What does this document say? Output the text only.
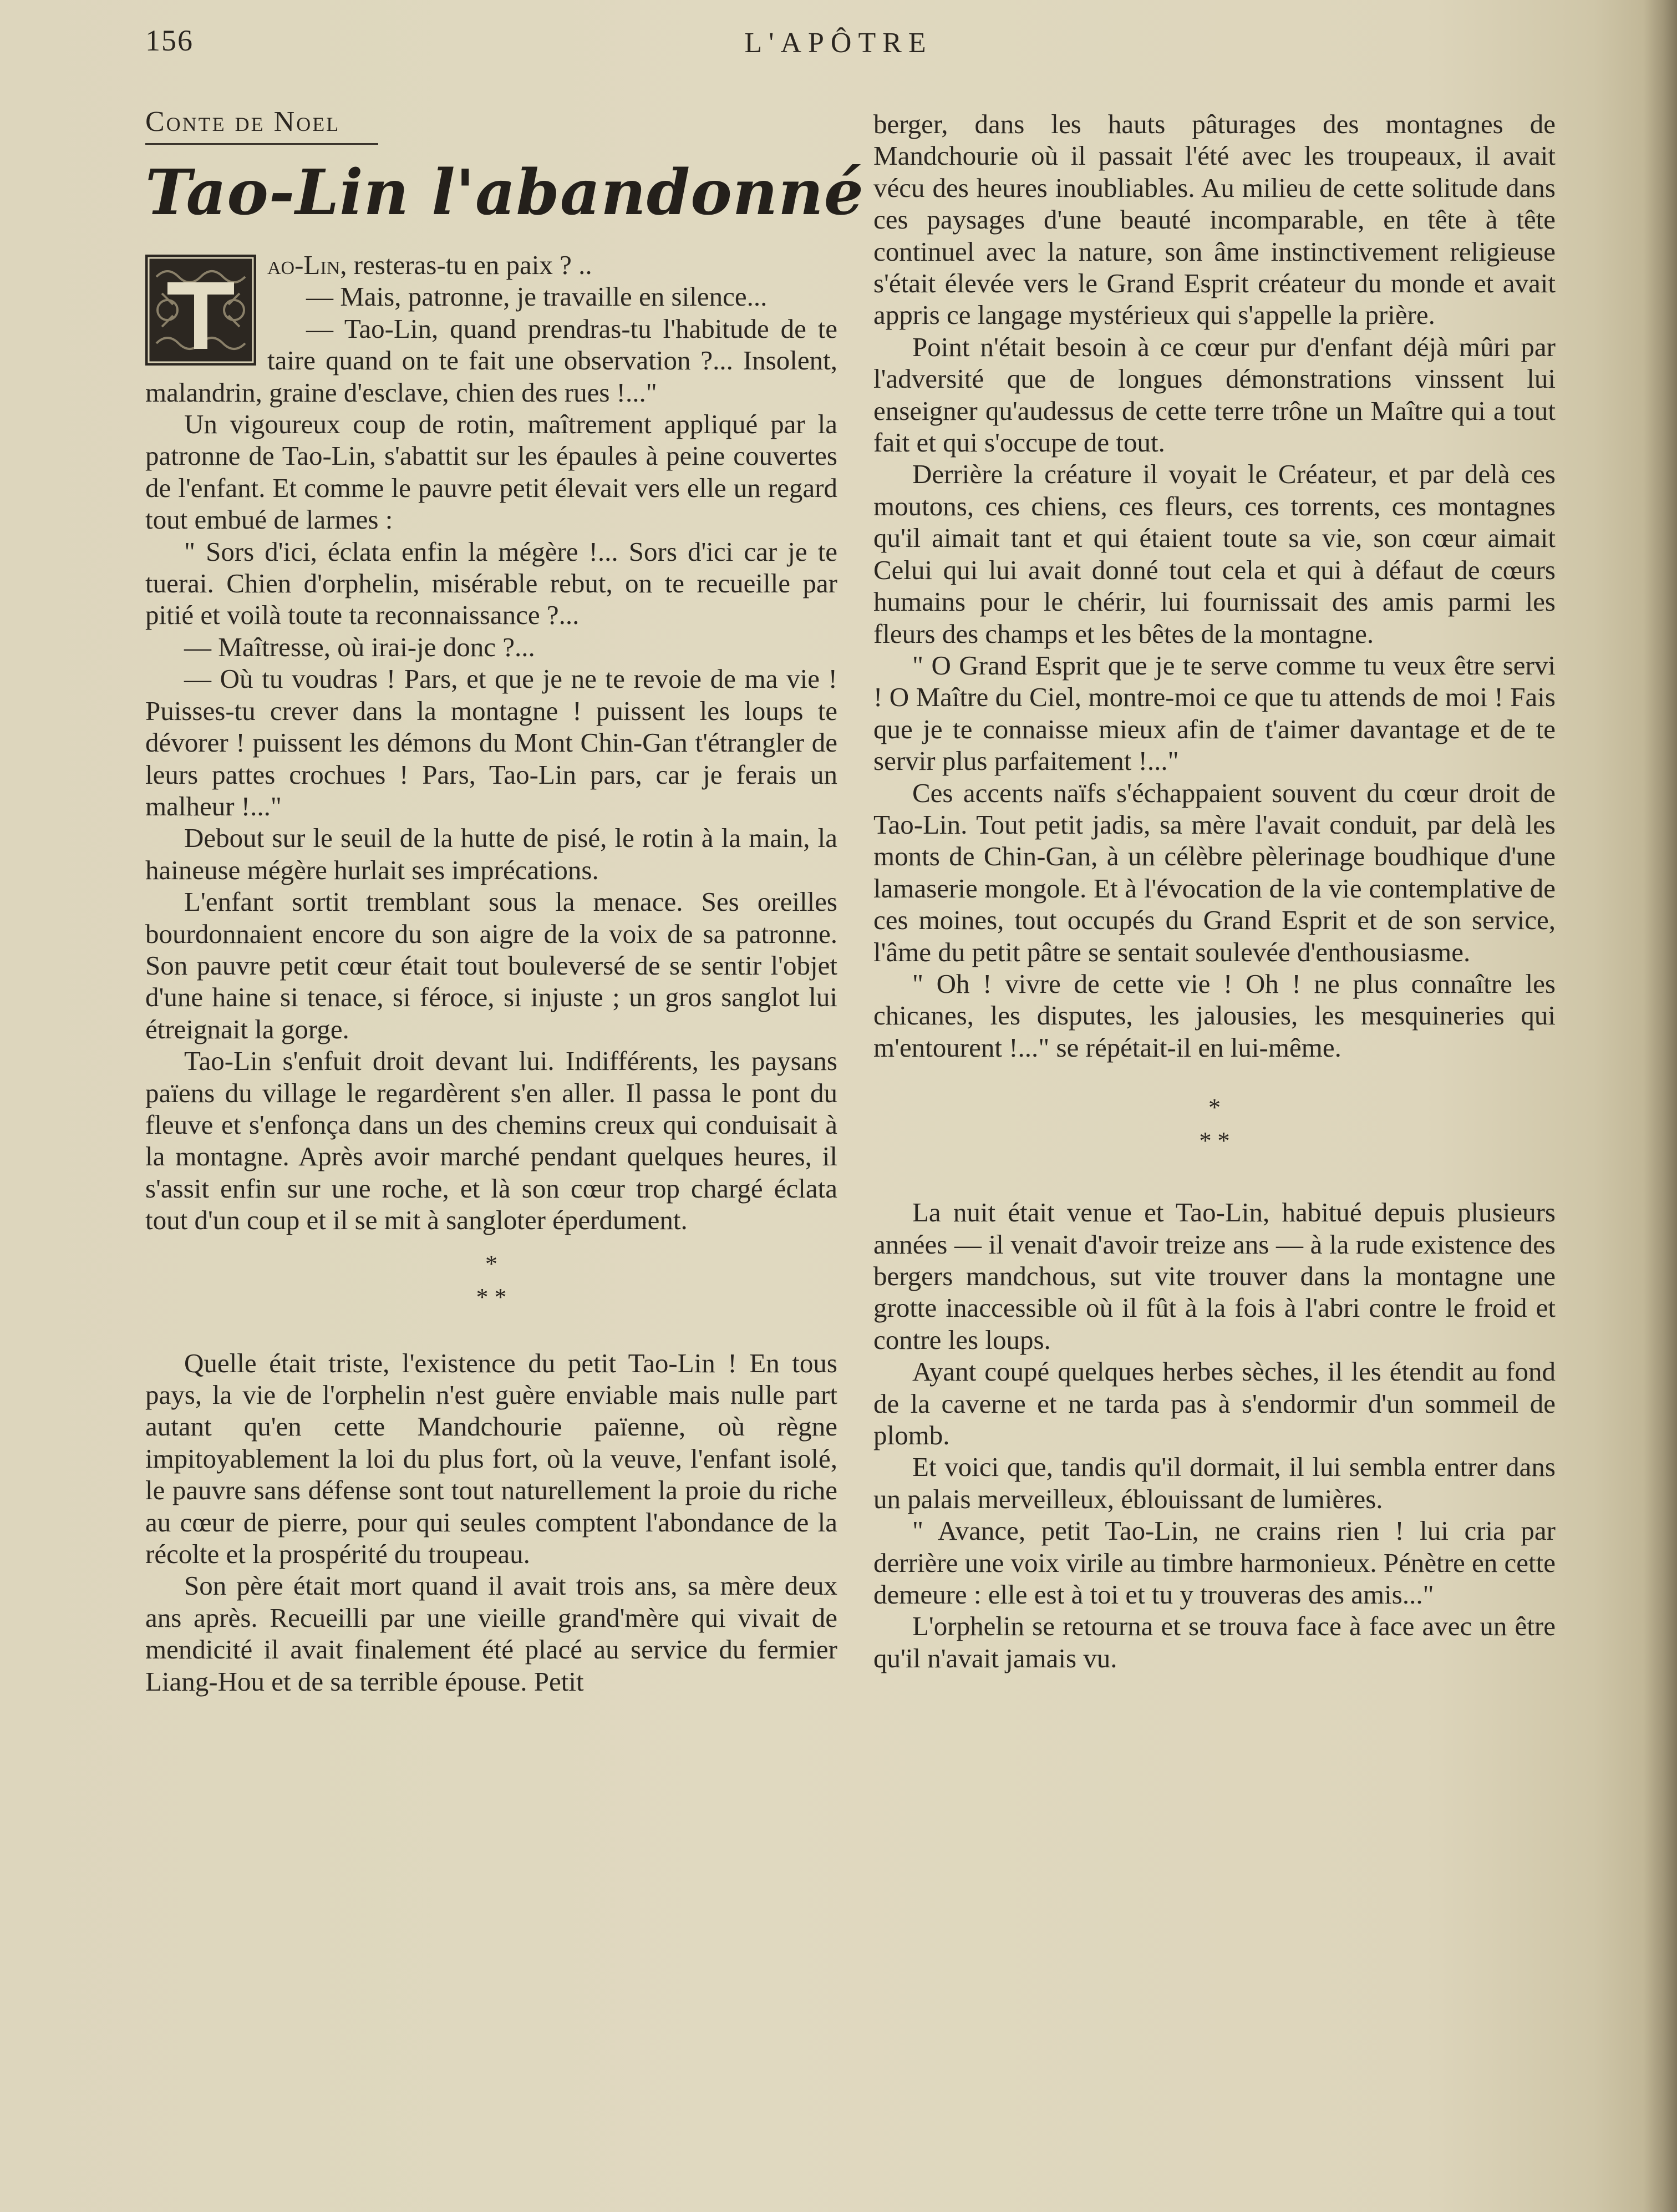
156	L'APÔTRE
Conte de Noel
Tao-Lin l'abandonné

ao-Lin, resteras-tu en paix ? ..

— Mais, patronne, je travaille en silence...

— Tao-Lin, quand prendras-tu l'habitude de te taire quand on te fait une observation ?... Insolent, malandrin, graine d'esclave, chien des rues !..."

Un vigoureux coup de rotin, maîtrement appliqué par la patronne de Tao-Lin, s'abattit sur les épaules à peine couvertes de l'enfant. Et comme le pauvre petit élevait vers elle un regard tout embué de larmes :

" Sors d'ici, éclata enfin la mégère !... Sors d'ici car je te tuerai. Chien d'orphelin, misérable rebut, on te recueille par pitié et voilà toute ta reconnaissance ?...

— Maîtresse, où irai-je donc ?...

— Où tu voudras ! Pars, et que je ne te revoie de ma vie ! Puisses-tu crever dans la montagne ! puissent les loups te dévorer ! puissent les démons du Mont Chin-Gan t'étrangler de leurs pattes crochues ! Pars, Tao-Lin pars, car je ferais un malheur !..."

Debout sur le seuil de la hutte de pisé, le rotin à la main, la haineuse mégère hurlait ses imprécations.

L'enfant sortit tremblant sous la menace. Ses oreilles bourdonnaient encore du son aigre de la voix de sa patronne. Son pauvre petit cœur était tout bouleversé de se sentir l'objet d'une haine si tenace, si féroce, si injuste ; un gros sanglot lui étreignait la gorge.

Tao-Lin s'enfuit droit devant lui. Indifférents, les paysans païens du village le regardèrent s'en aller. Il passa le pont du fleuve et s'enfonça dans un des chemins creux qui conduisait à la montagne. Après avoir marché pendant quelques heures, il s'assit enfin sur une roche, et là son cœur trop chargé éclata tout d'un coup et il se mit à sangloter éperdument.

*
* *

Quelle était triste, l'existence du petit Tao-Lin ! En tous pays, la vie de l'orphelin n'est guère enviable mais nulle part autant qu'en cette Mandchourie païenne, où règne impitoyablement la loi du plus fort, où la veuve, l'enfant isolé, le pauvre sans défense sont tout naturellement la proie du riche au cœur de pierre, pour qui seules comptent l'abondance de la récolte et la prospérité du troupeau.

Son père était mort quand il avait trois ans, sa mère deux ans après. Recueilli par une vieille grand'mère qui vivait de mendicité il avait finalement été placé au service du fermier Liang-Hou et de sa terrible épouse. Petit

berger, dans les hauts pâturages des montagnes de Mandchourie où il passait l'été avec les troupeaux, il avait vécu des heures inoubliables. Au milieu de cette solitude dans ces paysages d'une beauté incomparable, en tête à tête continuel avec la nature, son âme instinctivement religieuse s'était élevée vers le Grand Esprit créateur du monde et avait appris ce langage mystérieux qui s'appelle la prière.

Point n'était besoin à ce cœur pur d'enfant déjà mûri par l'adversité que de longues démonstrations vinssent lui enseigner qu'audessus de cette terre trône un Maître qui a tout fait et qui s'occupe de tout.

Derrière la créature il voyait le Créateur, et par delà ces moutons, ces chiens, ces fleurs, ces torrents, ces montagnes qu'il aimait tant et qui étaient toute sa vie, son cœur aimait Celui qui lui avait donné tout cela et qui à défaut de cœurs humains pour le chérir, lui fournissait des amis parmi les fleurs des champs et les bêtes de la montagne.

" O Grand Esprit que je te serve comme tu veux être servi ! O Maître du Ciel, montre-moi ce que tu attends de moi ! Fais que je te connaisse mieux afin de t'aimer davantage et de te servir plus parfaitement !..."

Ces accents naïfs s'échappaient souvent du cœur droit de Tao-Lin. Tout petit jadis, sa mère l'avait conduit, par delà les monts de Chin-Gan, à un célèbre pèlerinage boudhique d'une lamaserie mongole. Et à l'évocation de la vie contemplative de ces moines, tout occupés du Grand Esprit et de son service, l'âme du petit pâtre se sentait soulevée d'enthousiasme.

" Oh ! vivre de cette vie ! Oh ! ne plus connaître les chicanes, les disputes, les jalousies, les mesquineries qui m'entourent !..." se répétait-il en lui-même.

*
* *

La nuit était venue et Tao-Lin, habitué depuis plusieurs années — il venait d'avoir treize ans — à la rude existence des bergers mandchous, sut vite trouver dans la montagne une grotte inaccessible où il fût à la fois à l'abri contre le froid et contre les loups.

Ayant coupé quelques herbes sèches, il les étendit au fond de la caverne et ne tarda pas à s'endormir d'un sommeil de plomb.

Et voici que, tandis qu'il dormait, il lui sembla entrer dans un palais merveilleux, éblouissant de lumières.

" Avance, petit Tao-Lin, ne crains rien ! lui cria par derrière une voix virile au timbre harmonieux. Pénètre en cette demeure : elle est à toi et tu y trouveras des amis..."

L'orphelin se retourna et se trouva face à face avec un être qu'il n'avait jamais vu.
